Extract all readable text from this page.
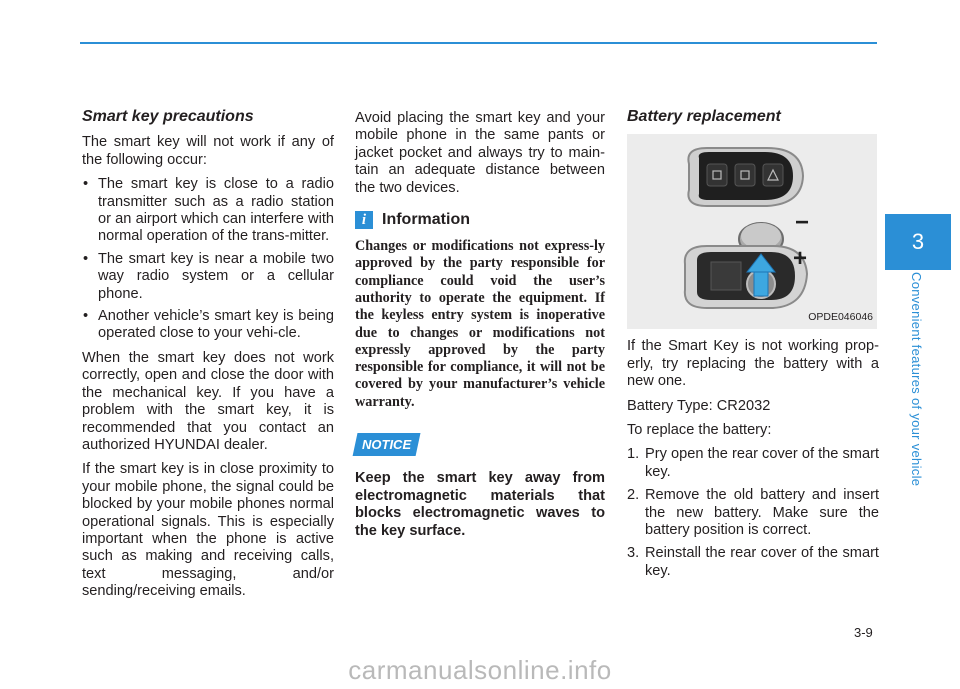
Smart key precautions

The smart key will not work if any of the following occur:

• The smart key is close to a radio transmitter such as a radio station or an airport which can interfere with normal operation of the trans-mitter.
• The smart key is near a mobile two way radio system or a cellular phone.
• Another vehicle’s smart key is being operated close to your vehi-cle.

When the smart key does not work correctly, open and close the door with the mechanical key. If you have a problem with the smart key, it is recommended that you contact an authorized HYUNDAI dealer.

If the smart key is in close proximity to your mobile phone, the signal could be blocked by your mobile phones normal operational signals. This is especially important when the phone is active such as making and receiving calls, text messaging, and/or sending/receiving emails.

Avoid placing the smart key and your mobile phone in the same pants or jacket pocket and always try to main-tain an adequate distance between the two devices.

i Information

Changes or modifications not express-ly approved by the party responsible for compliance could void the user’s authority to operate the equipment. If the keyless entry system is inoperative due to changes or modifications not expressly approved by the party responsible for compliance, it will not be covered by your manufacturer’s vehicle warranty.

NOTICE

Keep the smart key away from electromagnetic materials that blocks electromagnetic waves to the key surface.

Battery replacement
−
+
OPDE046046

If the Smart Key is not working prop-erly, try replacing the battery with a new one.

Battery Type: CR2032

To replace the battery:

1. Pry open the rear cover of the smart key.
2. Remove the old battery and insert the new battery. Make sure the battery position is correct.
3. Reinstall the rear cover of the smart key.
3
Convenient features of your vehicle
3-9
carmanualsonline.info
